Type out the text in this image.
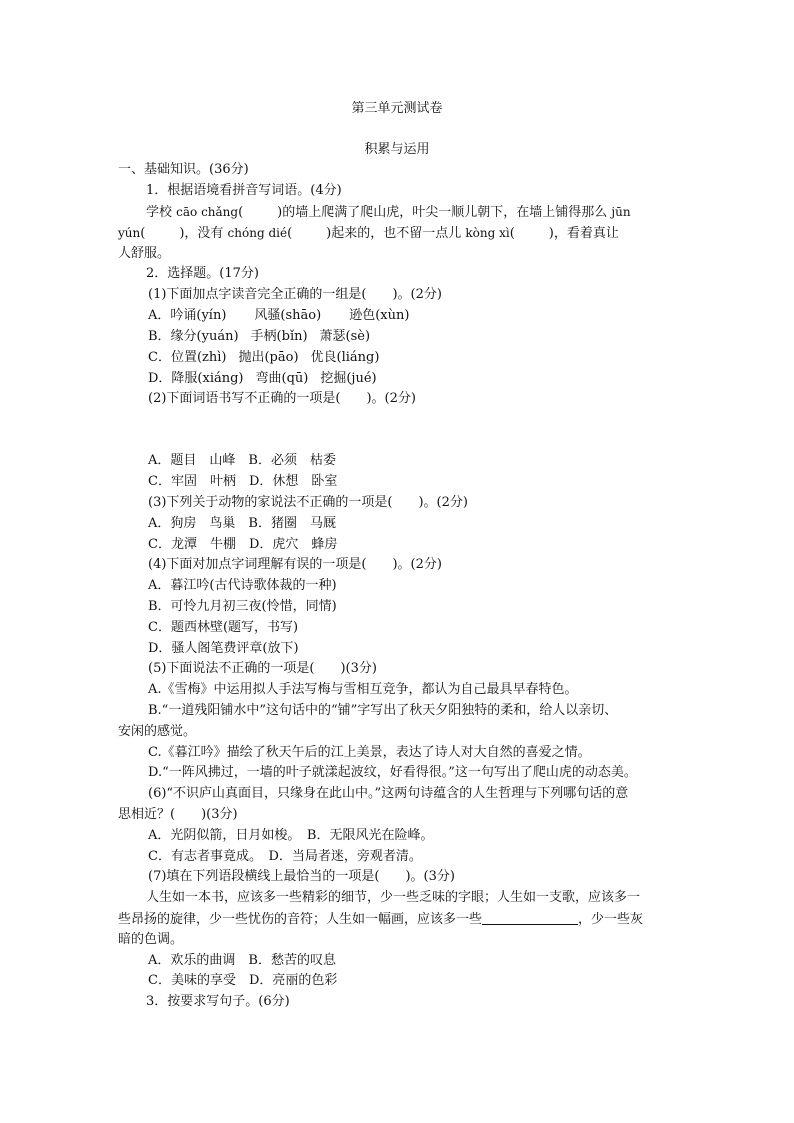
第三单元测试卷
积累与运用
一、基础知识。(36分)
1．根据语境看拼音写词语。(4分)
学校 cāo chǎng(	)的墙上爬满了爬山虎，叶尖一顺儿朝下，在墙上铺得那么 jūn
yún(	)，没有 chóng dié(	)起来的，也不留一点儿 kòng xì(	)，看着真让
人舒服。
2．选择题。(17分)
(1)下面加点字读音完全正确的一组是(　　)。(2分)
A．吟诵(yín) 风骚(shāo) 逊色(xùn)
B．缘分(yuán) 手柄(bǐn) 萧瑟(sè)
C．位置(zhì) 抛出(pāo) 优良(liáng)
D．降服(xiáng) 弯曲(qū) 挖掘(jué)
(2)下面词语书写不正确的一项是(　　)。(2分)
A．题目　山峰　B．必须　枯委
C．牢固　叶柄　D．休想　卧室
(3)下列关于动物的家说法不正确的一项是(　　)。(2分)
A．狗房　鸟巢　B．猪圈　马厩
C．龙潭　牛棚　D．虎穴　蜂房
(4)下面对加点字词理解有误的一项是(　　)。(2分)
A．暮江吟(古代诗歌体裁的一种)
B．可怜九月初三夜(怜惜，同情)
C．题西林壁(题写，书写)
D．骚人阁笔费评章(放下)
(5)下面说法不正确的一项是(　　)(3分)
A.《雪梅》中运用拟人手法写梅与雪相互竞争，都认为自己最具早春特色。
B.“一道残阳铺水中”这句话中的“铺”字写出了秋天夕阳独特的柔和，给人以亲切、
安闲的感觉。
C.《暮江吟》描绘了秋天午后的江上美景，表达了诗人对大自然的喜爱之情。
D.“一阵风拂过，一墙的叶子就漾起波纹，好看得很。”这一句写出了爬山虎的动态美。
(6)“不识庐山真面目，只缘身在此山中。”这两句诗蕴含的人生哲理与下列哪句话的意
思相近？(　　)(3分)
A．光阴似箭，日月如梭。　B．无限风光在险峰。
C．有志者事竟成。　D．当局者迷，旁观者清。
(7)填在下列语段横线上最恰当的一项是(　　)。(3分)
人生如一本书，应该多一些精彩的细节，少一些乏味的字眼；人生如一支歌，应该多一
些昂扬的旋律，少一些忧伤的音符；人生如一幅画，应该多一些	，少一些灰
暗的色调。
A．欢乐的曲调　B．愁苦的叹息
C．美味的享受　D．亮丽的色彩
3．按要求写句子。(6分)
